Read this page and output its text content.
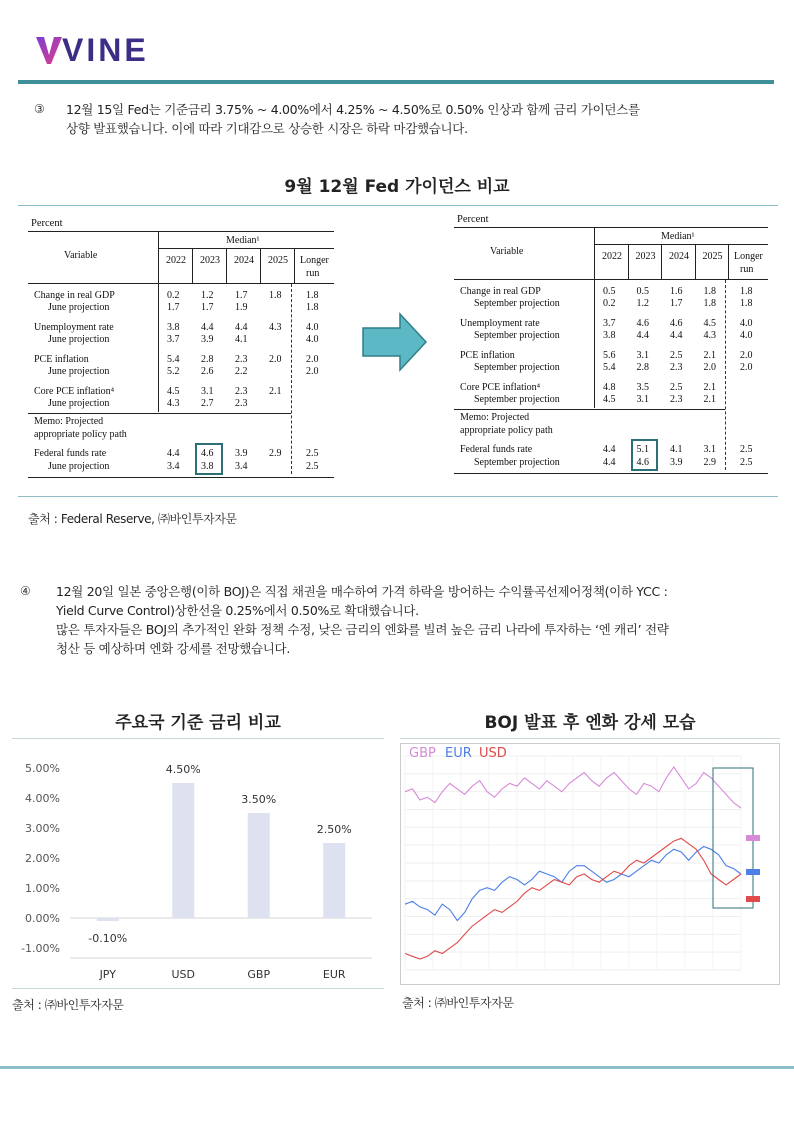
VINE
③ 12월 15일 Fed는 기준금리 3.75% ~ 4.00%에서 4.25% ~ 4.50%로 0.50% 인상과 함께 금리 가이던스를
상향 발표했습니다. 이에 따라 기대감으로 상승한 시장은 하락 마감했습니다.
9월 12월 Fed 가이던스 비교
Percent
Variable
Median¹
2022 2023 2024 2025 Longer
run
Change in real GDP	0.2 1.2 1.7 1.8 1.8
June projection	1.7 1.7 1.9	1.8
Unemployment rate	3.8 4.4 4.4 4.3 4.0
June projection	3.7 3.9 4.1	4.0
PCE inflation	5.4 2.8 2.3 2.0 2.0
June projection	5.2 2.6 2.2	2.0
Core PCE inflation⁴	4.5 3.1 2.3 2.1
June projection	4.3 2.7 2.3
Memo: Projected
appropriate policy path
Federal funds rate	4.4 4.6 3.9 2.9 2.5
June projection	3.4 3.8 3.4	2.5
Percent
Variable
Median¹
2022 2023 2024 2025 Longer
run
Change in real GDP	0.5 0.5 1.6 1.8 1.8
September projection	0.2 1.2 1.7 1.8 1.8
Unemployment rate	3.7 4.6 4.6 4.5 4.0
September projection	3.8 4.4 4.4 4.3 4.0
PCE inflation	5.6 3.1 2.5 2.1 2.0
September projection	5.4 2.8 2.3 2.0 2.0
Core PCE inflation⁴	4.8 3.5 2.5 2.1
September projection	4.5 3.1 2.3 2.1
Memo: Projected
appropriate policy path
Federal funds rate	4.4 5.1 4.1 3.1 2.5
September projection	4.4 4.6 3.9 2.9 2.5
출처 : Federal Reserve, ㈜바인투자자문
④ 12월 20일 일본 중앙은행(이하 BOJ)은 직접 채권을 매수하여 가격 하락을 방어하는 수익률곡선제어정책(이하 YCC :
Yield Curve Control)상한선을 0.25%에서 0.50%로 확대했습니다.
많은 투자자들은 BOJ의 추가적인 완화 정책 수정, 낮은 금리의 엔화를 빌려 높은 금리 나라에 투자하는 ‘엔 캐리’ 전략
청산 등 예상하며 엔화 강세를 전망했습니다.
주요국 기준 금리 비교	BOJ 발표 후 엔화 강세 모습
5.00%
4.00%
3.00%
2.00%
1.00%
0.00%
-1.00%
-0.10%
JPY
4.50%
USD
3.50%
GBP
2.50%
EUR
GBP EUR USD
출처 : ㈜바인투자자문	출처 : ㈜바인투자자문
